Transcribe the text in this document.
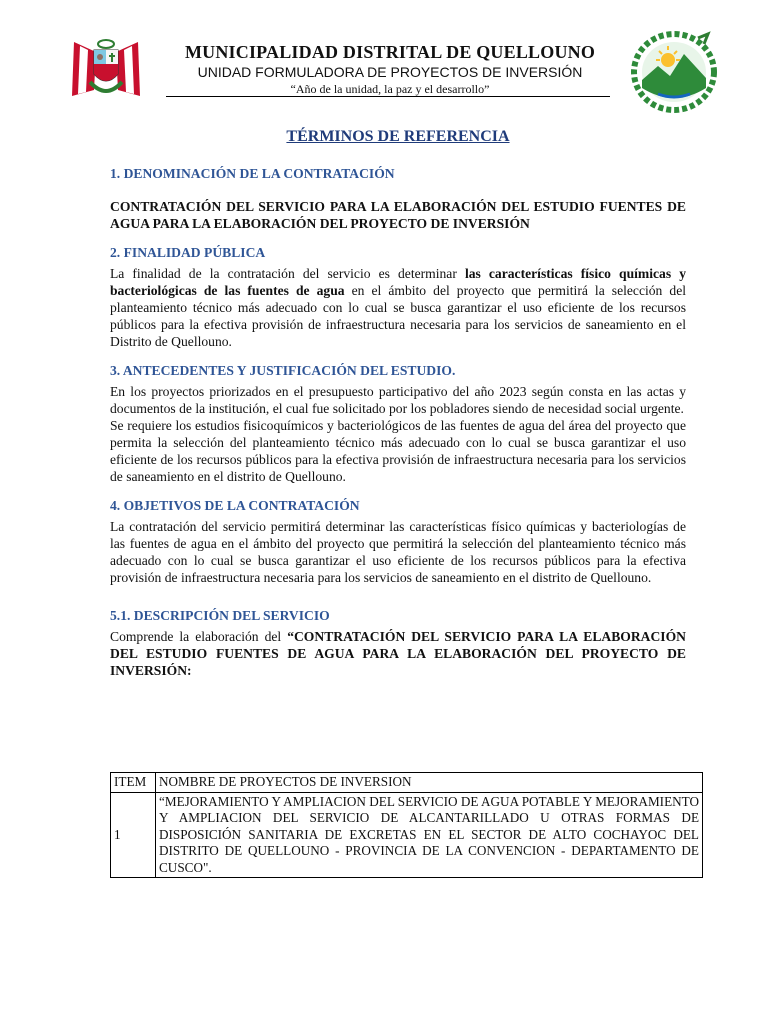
MUNICIPALIDAD DISTRITAL DE QUELLOUNO
UNIDAD FORMULADORA DE PROYECTOS DE INVERSIÓN
“Año de la unidad, la paz y el desarrollo”
TÉRMINOS DE REFERENCIA
1. DENOMINACIÓN DE LA CONTRATACIÓN

CONTRATACIÓN DEL SERVICIO PARA LA ELABORACIÓN DEL ESTUDIO FUENTES DE AGUA PARA LA ELABORACIÓN DEL PROYECTO DE INVERSIÓN

2. FINALIDAD PÚBLICA

La finalidad de la contratación del servicio es determinar las características físico químicas y bacteriológicas de las fuentes de agua en el ámbito del proyecto que permitirá la selección del planteamiento técnico más adecuado con lo cual se busca garantizar el uso eficiente de los recursos públicos para la efectiva provisión de infraestructura necesaria para los servicios de saneamiento en el Distrito de Quellouno.

3. ANTECEDENTES Y JUSTIFICACIÓN DEL ESTUDIO.

En los proyectos priorizados en el presupuesto participativo del año 2023 según consta en las actas y documentos de la institución, el cual fue solicitado por los pobladores siendo de necesidad social urgente.

Se requiere los estudios fisicoquímicos y bacteriológicos de las fuentes de agua del área del proyecto que permita la selección del planteamiento técnico más adecuado con lo cual se busca garantizar el uso eficiente de los recursos públicos para la efectiva provisión de infraestructura necesaria para los servicios de saneamiento en el distrito de Quellouno.

4. OBJETIVOS DE LA CONTRATACIÓN

La contratación del servicio permitirá determinar las características físico químicas y bacteriologías de las fuentes de agua en el ámbito del proyecto que permitirá la selección del planteamiento técnico más adecuado con lo cual se busca garantizar el uso eficiente de los recursos públicos para la efectiva provisión de infraestructura necesaria para los servicios de saneamiento en el distrito de Quellouno.

5.1. DESCRIPCIÓN DEL SERVICIO

Comprende la elaboración del “CONTRATACIÓN DEL SERVICIO PARA LA ELABORACIÓN DEL ESTUDIO FUENTES DE AGUA PARA LA ELABORACIÓN DEL PROYECTO DE INVERSIÓN:

ITEM	NOMBRE DE PROYECTOS DE INVERSION
1	“MEJORAMIENTO Y AMPLIACION DEL SERVICIO DE AGUA POTABLE Y MEJORAMIENTO Y AMPLIACION DEL SERVICIO DE ALCANTARILLADO U OTRAS FORMAS DE DISPOSICIÓN SANITARIA DE EXCRETAS EN EL SECTOR DE ALTO COCHAYOC DEL DISTRITO DE QUELLOUNO - PROVINCIA DE LA CONVENCION - DEPARTAMENTO DE CUSCO".
